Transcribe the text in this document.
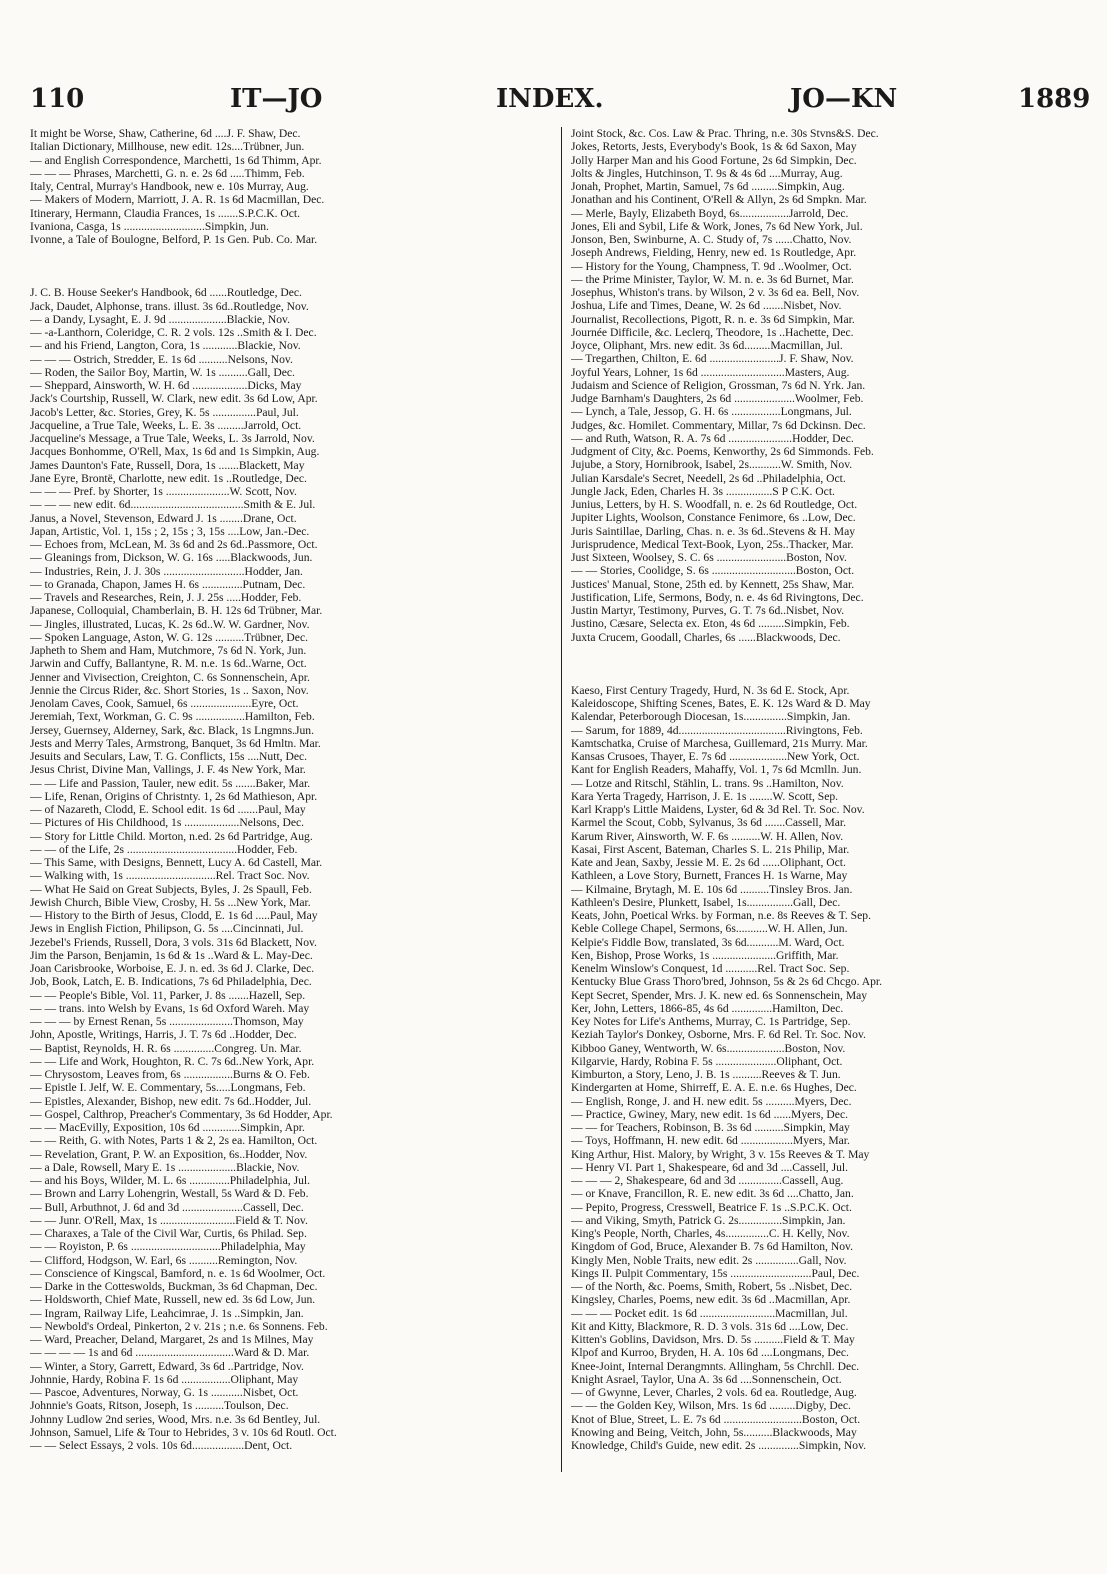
110	IT—JO	INDEX.	JO—KN	1889
It might be Worse, Shaw, Catherine, 6d ....J. F. Shaw, Dec.
Italian Dictionary, Millhouse, new edit. 12s....Trübner, Jun.
— and English Correspondence, Marchetti, 1s 6d Thimm, Apr.
— — — Phrases, Marchetti, G. n. e. 2s 6d .....Thimm, Feb.
Italy, Central, Murray's Handbook, new e. 10s Murray, Aug.
— Makers of Modern, Marriott, J. A. R. 1s 6d Macmillan, Dec.
Itinerary, Hermann, Claudia Frances, 1s .......S.P.C.K. Oct.
Ivaniona, Casga, 1s ............................Simpkin, Jun.
Ivonne, a Tale of Boulogne, Belford, P. 1s Gen. Pub. Co. Mar.
J. C. B. House Seeker's Handbook, 6d ......Routledge, Dec.
Jack, Daudet, Alphonse, trans. illust. 3s 6d..Routledge, Nov.
— a Dandy, Lysaght, E. J. 9d ....................Blackie, Nov.
— -a-Lanthorn, Coleridge, C. R. 2 vols. 12s ..Smith & I. Dec.
— and his Friend, Langton, Cora, 1s ............Blackie, Nov.
— — — Ostrich, Stredder, E. 1s 6d ..........Nelsons, Nov.
— Roden, the Sailor Boy, Martin, W. 1s ..........Gall, Dec.
— Sheppard, Ainsworth, W. H. 6d ...................Dicks, May
Jack's Courtship, Russell, W. Clark, new edit. 3s 6d Low, Apr.
Jacob's Letter, &c. Stories, Grey, K. 5s ...............Paul, Jul.
Jacqueline, a True Tale, Weeks, L. E. 3s .........Jarrold, Oct.
Jacqueline's Message, a True Tale, Weeks, L. 3s Jarrold, Nov.
Jacques Bonhomme, O'Rell, Max, 1s 6d and 1s Simpkin, Aug.
James Daunton's Fate, Russell, Dora, 1s .......Blackett, May
Jane Eyre, Brontë, Charlotte, new edit. 1s ..Routledge, Dec.
— — — Pref. by Shorter, 1s ......................W. Scott, Nov.
— — — new edit. 6d.......................................Smith & E. Jul.
Janus, a Novel, Stevenson, Edward J. 1s ........Drane, Oct.
Japan, Artistic, Vol. 1, 15s ; 2, 15s ; 3, 15s ....Low, Jan.-Dec.
— Echoes from, McLean, M. 3s 6d and 2s 6d..Passmore, Oct.
— Gleanings from, Dickson, W. G. 16s .....Blackwoods, Jun.
— Industries, Rein, J. J. 30s ............................Hodder, Jan.
— to Granada, Chapon, James H. 6s ..............Putnam, Dec.
— Travels and Researches, Rein, J. J. 25s .....Hodder, Feb.
Japanese, Colloquial, Chamberlain, B. H. 12s 6d Trübner, Mar.
— Jingles, illustrated, Lucas, K. 2s 6d..W. W. Gardner, Nov.
— Spoken Language, Aston, W. G. 12s ..........Trübner, Dec.
Japheth to Shem and Ham, Mutchmore, 7s 6d N. York, Jun.
Jarwin and Cuffy, Ballantyne, R. M. n.e. 1s 6d..Warne, Oct.
Jenner and Vivisection, Creighton, C. 6s Sonnenschein, Apr.
Jennie the Circus Rider, &c. Short Stories, 1s .. Saxon, Nov.
Jenolam Caves, Cook, Samuel, 6s .....................Eyre, Oct.
Jeremiah, Text, Workman, G. C. 9s .................Hamilton, Feb.
Jersey, Guernsey, Alderney, Sark, &c. Black, 1s Lngmns.Jun.
Jests and Merry Tales, Armstrong, Banquet, 3s 6d Hmltn. Mar.
Jesuits and Seculars, Law, T. G. Conflicts, 15s ....Nutt, Dec.
Jesus Christ, Divine Man, Vallings, J. F. 4s New York, Mar.
— — Life and Passion, Tauler, new edit. 5s .......Baker, Mar.
— Life, Renan, Origins of Christnty. 1, 2s 6d Mathieson, Apr.
— of Nazareth, Clodd, E. School edit. 1s 6d .......Paul, May
— Pictures of His Childhood, 1s ...................Nelsons, Dec.
— Story for Little Child. Morton, n.ed. 2s 6d Partridge, Aug.
— — of the Life, 2s ......................................Hodder, Feb.
— This Same, with Designs, Bennett, Lucy A. 6d Castell, Mar.
— Walking with, 1s ...............................Rel. Tract Soc. Nov.
— What He Said on Great Subjects, Byles, J. 2s Spaull, Feb.
Jewish Church, Bible View, Crosby, H. 5s ...New York, Mar.
— History to the Birth of Jesus, Clodd, E. 1s 6d .....Paul, May
Jews in English Fiction, Philipson, G. 5s ....Cincinnati, Jul.
Jezebel's Friends, Russell, Dora, 3 vols. 31s 6d Blackett, Nov.
Jim the Parson, Benjamin, 1s 6d & 1s ..Ward & L. May-Dec.
Joan Carisbrooke, Worboise, E. J. n. ed. 3s 6d J. Clarke, Dec.
Job, Book, Latch, E. B. Indications, 7s 6d Philadelphia, Dec.
— — People's Bible, Vol. 11, Parker, J. 8s .......Hazell, Sep.
— — trans. into Welsh by Evans, 1s 6d Oxford Wareh. May
— — — by Ernest Renan, 5s ......................Thomson, May
John, Apostle, Writings, Harris, J. T. 7s 6d ..Hodder, Dec.
— Baptist, Reynolds, H. R. 6s ..............Congreg. Un. Mar.
— — Life and Work, Houghton, R. C. 7s 6d..New York, Apr.
— Chrysostom, Leaves from, 6s .................Burns & O. Feb.
— Epistle I. Jelf, W. E. Commentary, 5s.....Longmans, Feb.
— Epistles, Alexander, Bishop, new edit. 7s 6d..Hodder, Jul.
— Gospel, Calthrop, Preacher's Commentary, 3s 6d Hodder, Apr.
— — MacEvilly, Exposition, 10s 6d .............Simpkin, Apr.
— — Reith, G. with Notes, Parts 1 & 2, 2s ea. Hamilton, Oct.
— Revelation, Grant, P. W. an Exposition, 6s..Hodder, Nov.
— a Dale, Rowsell, Mary E. 1s ....................Blackie, Nov.
— and his Boys, Wilder, M. L. 6s ..............Philadelphia, Jul.
— Brown and Larry Lohengrin, Westall, 5s Ward & D. Feb.
— Bull, Arbuthnot, J. 6d and 3d .....................Cassell, Dec.
— — Junr. O'Rell, Max, 1s ..........................Field & T. Nov.
— Charaxes, a Tale of the Civil War, Curtis, 6s Philad. Sep.
— — Royiston, P. 6s ...............................Philadelphia, May
— Clifford, Hodgson, W. Earl, 6s ..........Remington, Nov.
— Conscience of Kingscal, Bamford, n. e. 1s 6d Woolmer, Oct.
— Darke in the Cotteswolds, Buckman, 3s 6d Chapman, Dec.
— Holdsworth, Chief Mate, Russell, new ed. 3s 6d Low, Jun.
— Ingram, Railway Life, Leahcimrae, J. 1s ..Simpkin, Jan.
— Newbold's Ordeal, Pinkerton, 2 v. 21s ; n.e. 6s Sonnens. Feb.
— Ward, Preacher, Deland, Margaret, 2s and 1s Milnes, May
— — — — 1s and 6d ..................................Ward & D. Mar.
— Winter, a Story, Garrett, Edward, 3s 6d ..Partridge, Nov.
Johnnie, Hardy, Robina F. 1s 6d .................Oliphant, May
— Pascoe, Adventures, Norway, G. 1s ...........Nisbet, Oct.
Johnnie's Goats, Ritson, Joseph, 1s ..........Toulson, Dec.
Johnny Ludlow 2nd series, Wood, Mrs. n.e. 3s 6d Bentley, Jul.
Johnson, Samuel, Life & Tour to Hebrides, 3 v. 10s 6d Routl. Oct.
— — Select Essays, 2 vols. 10s 6d..................Dent, Oct.
Joint Stock, &c. Cos. Law & Prac. Thring, n.e. 30s Stvns&S. Dec.
Jokes, Retorts, Jests, Everybody's Book, 1s & 6d Saxon, May
Jolly Harper Man and his Good Fortune, 2s 6d Simpkin, Dec.
Jolts & Jingles, Hutchinson, T. 9s & 4s 6d ....Murray, Aug.
Jonah, Prophet, Martin, Samuel, 7s 6d .........Simpkin, Aug.
Jonathan and his Continent, O'Rell & Allyn, 2s 6d Smpkn. Mar.
— Merle, Bayly, Elizabeth Boyd, 6s.................Jarrold, Dec.
Jones, Eli and Sybil, Life & Work, Jones, 7s 6d New York, Jul.
Jonson, Ben, Swinburne, A. C. Study of, 7s ......Chatto, Nov.
Joseph Andrews, Fielding, Henry, new ed. 1s Routledge, Apr.
— History for the Young, Champness, T. 9d ..Woolmer, Oct.
— the Prime Minister, Taylor, W. M. n. e. 3s 6d Burnet, Mar.
Josephus, Whiston's trans. by Wilson, 2 v. 3s 6d ea. Bell, Nov.
Joshua, Life and Times, Deane, W. 2s 6d .......Nisbet, Nov.
Journalist, Recollections, Pigott, R. n. e. 3s 6d Simpkin, Mar.
Journée Difficile, &c. Leclerq, Theodore, 1s ..Hachette, Dec.
Joyce, Oliphant, Mrs. new edit. 3s 6d.........Macmillan, Jul.
— Tregarthen, Chilton, E. 6d ........................J. F. Shaw, Nov.
Joyful Years, Lohner, 1s 6d .............................Masters, Aug.
Judaism and Science of Religion, Grossman, 7s 6d N. Yrk. Jan.
Judge Barnham's Daughters, 2s 6d .....................Woolmer, Feb.
— Lynch, a Tale, Jessop, G. H. 6s .................Longmans, Jul.
Judges, &c. Homilet. Commentary, Millar, 7s 6d Dckinsn. Dec.
— and Ruth, Watson, R. A. 7s 6d ......................Hodder, Dec.
Judgment of City, &c. Poems, Kenworthy, 2s 6d Simmonds. Feb.
Jujube, a Story, Hornibrook, Isabel, 2s...........W. Smith, Nov.
Julian Karsdale's Secret, Needell, 2s 6d ..Philadelphia, Oct.
Jungle Jack, Eden, Charles H. 3s ................S P C.K. Oct.
Junius, Letters, by H. S. Woodfall, n. e. 2s 6d Routledge, Oct.
Jupiter Lights, Woolson, Constance Fenimore, 6s ..Low, Dec.
Juris Saintillae, Darling, Chas. n. e. 3s 6d..Stevens & H. May
Jurisprudence, Medical Text-Book, Lyon, 25s..Thacker, Mar.
Just Sixteen, Woolsey, S. C. 6s ........................Boston, Nov.
— — Stories, Coolidge, S. 6s .............................Boston, Oct.
Justices' Manual, Stone, 25th ed. by Kennett, 25s Shaw, Mar.
Justification, Life, Sermons, Body, n. e. 4s 6d Rivingtons, Dec.
Justin Martyr, Testimony, Purves, G. T. 7s 6d..Nisbet, Nov.
Justino, Cæsare, Selecta ex. Eton, 4s 6d .........Simpkin, Feb.
Juxta Crucem, Goodall, Charles, 6s ......Blackwoods, Dec.
Kaeso, First Century Tragedy, Hurd, N. 3s 6d E. Stock, Apr.
Kaleidoscope, Shifting Scenes, Bates, E. K. 12s Ward & D. May
Kalendar, Peterborough Diocesan, 1s...............Simpkin, Jan.
— Sarum, for 1889, 4d.....................................Rivingtons, Feb.
Kamtschatka, Cruise of Marchesa, Guillemard, 21s Murry. Mar.
Kansas Crusoes, Thayer, E. 7s 6d ....................New York, Oct.
Kant for English Readers, Mahaffy, Vol. 1, 7s 6d Mcmlln. Jun.
— Lotze and Ritschl, Stählin, L. trans. 9s ..Hamilton, Nov.
Kara Yerta Tragedy, Harrison, J. E. 1s ........W. Scott, Sep.
Karl Krapp's Little Maidens, Lyster, 6d & 3d Rel. Tr. Soc. Nov.
Karmel the Scout, Cobb, Sylvanus, 3s 6d .......Cassell, Mar.
Karum River, Ainsworth, W. F. 6s ..........W. H. Allen, Nov.
Kasai, First Ascent, Bateman, Charles S. L. 21s Philip, Mar.
Kate and Jean, Saxby, Jessie M. E. 2s 6d ......Oliphant, Oct.
Kathleen, a Love Story, Burnett, Frances H. 1s Warne, May
— Kilmaine, Brytagh, M. E. 10s 6d ..........Tinsley Bros. Jan.
Kathleen's Desire, Plunkett, Isabel, 1s................Gall, Dec.
Keats, John, Poetical Wrks. by Forman, n.e. 8s Reeves & T. Sep.
Keble College Chapel, Sermons, 6s...........W. H. Allen, Jun.
Kelpie's Fiddle Bow, translated, 3s 6d...........M. Ward, Oct.
Ken, Bishop, Prose Works, 1s ......................Griffith, Mar.
Kenelm Winslow's Conquest, 1d ...........Rel. Tract Soc. Sep.
Kentucky Blue Grass Thoro'bred, Johnson, 5s & 2s 6d Chcgo. Apr.
Kept Secret, Spender, Mrs. J. K. new ed. 6s Sonnenschein, May
Ker, John, Letters, 1866-85, 4s 6d ..............Hamilton, Dec.
Key Notes for Life's Anthems, Murray, C. 1s Partridge, Sep.
Keziah Taylor's Donkey, Osborne, Mrs. F. 6d Rel. Tr. Soc. Nov.
Kibboo Ganey, Wentworth, W. 6s....................Boston, Nov.
Kilgarvie, Hardy, Robina F. 5s .....................Oliphant, Oct.
Kimburton, a Story, Leno, J. B. 1s ..........Reeves & T. Jun.
Kindergarten at Home, Shirreff, E. A. E. n.e. 6s Hughes, Dec.
— English, Ronge, J. and H. new edit. 5s ..........Myers, Dec.
— Practice, Gwiney, Mary, new edit. 1s 6d ......Myers, Dec.
— — for Teachers, Robinson, B. 3s 6d ..........Simpkin, May
— Toys, Hoffmann, H. new edit. 6d ..................Myers, Mar.
King Arthur, Hist. Malory, by Wright, 3 v. 15s Reeves & T. May
— Henry VI. Part 1, Shakespeare, 6d and 3d ....Cassell, Jul.
— — — 2, Shakespeare, 6d and 3d ...............Cassell, Aug.
— or Knave, Francillon, R. E. new edit. 3s 6d ....Chatto, Jan.
— Pepito, Progress, Cresswell, Beatrice F. 1s ..S.P.C.K. Oct.
— and Viking, Smyth, Patrick G. 2s...............Simpkin, Jan.
King's People, North, Charles, 4s...............C. H. Kelly, Nov.
Kingdom of God, Bruce, Alexander B. 7s 6d Hamilton, Nov.
Kingly Men, Noble Traits, new edit. 2s ...............Gall, Nov.
Kings II. Pulpit Commentary, 15s ............................Paul, Dec.
— of the North, &c. Poems, Smith, Robert, 5s ..Nisbet, Dec.
Kingsley, Charles, Poems, new edit. 3s 6d ..Macmillan, Apr.
— — — Pocket edit. 1s 6d ..........................Macmillan, Jul.
Kit and Kitty, Blackmore, R. D. 3 vols. 31s 6d ....Low, Dec.
Kitten's Goblins, Davidson, Mrs. D. 5s ..........Field & T. May
Klpof and Kurroo, Bryden, H. A. 10s 6d ....Longmans, Dec.
Knee-Joint, Internal Derangmnts. Allingham, 5s Chrchll. Dec.
Knight Asrael, Taylor, Una A. 3s 6d ....Sonnenschein, Oct.
— of Gwynne, Lever, Charles, 2 vols. 6d ea. Routledge, Aug.
— — the Golden Key, Wilson, Mrs. 1s 6d .........Digby, Dec.
Knot of Blue, Street, L. E. 7s 6d ...........................Boston, Oct.
Knowing and Being, Veitch, John, 5s..........Blackwoods, May
Knowledge, Child's Guide, new edit. 2s ..............Simpkin, Nov.
